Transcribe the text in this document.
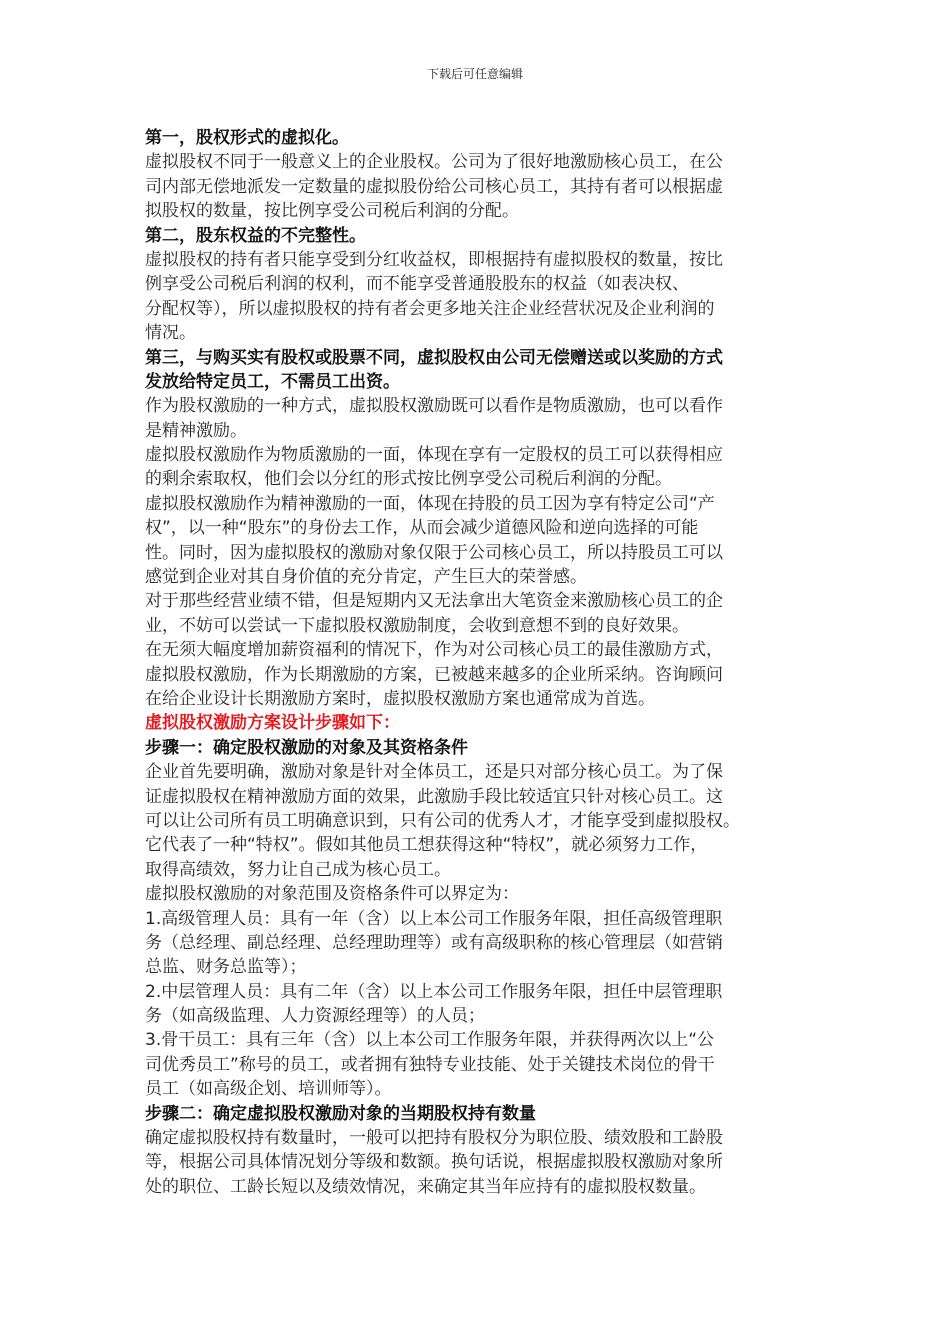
下载后可任意编辑
第一，股权形式的虚拟化。
虚拟股权不同于一般意义上的企业股权。公司为了很好地激励核心员工，在公
司内部无偿地派发一定数量的虚拟股份给公司核心员工，其持有者可以根据虚
拟股权的数量，按比例享受公司税后利润的分配。
第二，股东权益的不完整性。
虚拟股权的持有者只能享受到分红收益权，即根据持有虚拟股权的数量，按比
例享受公司税后利润的权利，而不能享受普通股股东的权益（如表决权、
分配权等），所以虚拟股权的持有者会更多地关注企业经营状况及企业利润的
情况。
第三，与购买实有股权或股票不同，虚拟股权由公司无偿赠送或以奖励的方式
发放给特定员工，不需员工出资。
作为股权激励的一种方式，虚拟股权激励既可以看作是物质激励，也可以看作
是精神激励。
虚拟股权激励作为物质激励的一面，体现在享有一定股权的员工可以获得相应
的剩余索取权，他们会以分红的形式按比例享受公司税后利润的分配。
虚拟股权激励作为精神激励的一面，体现在持股的员工因为享有特定公司“产
权”，以一种“股东”的身份去工作，从而会减少道德风险和逆向选择的可能
性。同时，因为虚拟股权的激励对象仅限于公司核心员工，所以持股员工可以
感觉到企业对其自身价值的充分肯定，产生巨大的荣誉感。
对于那些经营业绩不错，但是短期内又无法拿出大笔资金来激励核心员工的企
业，不妨可以尝试一下虚拟股权激励制度，会收到意想不到的良好效果。
在无须大幅度增加薪资福利的情况下，作为对公司核心员工的最佳激励方式，
虚拟股权激励，作为长期激励的方案，已被越来越多的企业所采纳。咨询顾问
在给企业设计长期激励方案时，虚拟股权激励方案也通常成为首选。
虚拟股权激励方案设计步骤如下：
步骤一：确定股权激励的对象及其资格条件
企业首先要明确，激励对象是针对全体员工，还是只对部分核心员工。为了保
证虚拟股权在精神激励方面的效果，此激励手段比较适宜只针对核心员工。这
可以让公司所有员工明确意识到，只有公司的优秀人才，才能享受到虚拟股权。
它代表了一种“特权”。假如其他员工想获得这种“特权”，就必须努力工作，
取得高绩效，努力让自己成为核心员工。
虚拟股权激励的对象范围及资格条件可以界定为：
1.高级管理人员：具有一年（含）以上本公司工作服务年限，担任高级管理职
务（总经理、副总经理、总经理助理等）或有高级职称的核心管理层（如营销
总监、财务总监等）；
2.中层管理人员：具有二年（含）以上本公司工作服务年限，担任中层管理职
务（如高级监理、人力资源经理等）的人员；
3.骨干员工：具有三年（含）以上本公司工作服务年限，并获得两次以上“公
司优秀员工”称号的员工，或者拥有独特专业技能、处于关键技术岗位的骨干
员工（如高级企划、培训师等）。
步骤二：确定虚拟股权激励对象的当期股权持有数量
确定虚拟股权持有数量时，一般可以把持有股权分为职位股、绩效股和工龄股
等，根据公司具体情况划分等级和数额。换句话说，根据虚拟股权激励对象所
处的职位、工龄长短以及绩效情况，来确定其当年应持有的虚拟股权数量。
